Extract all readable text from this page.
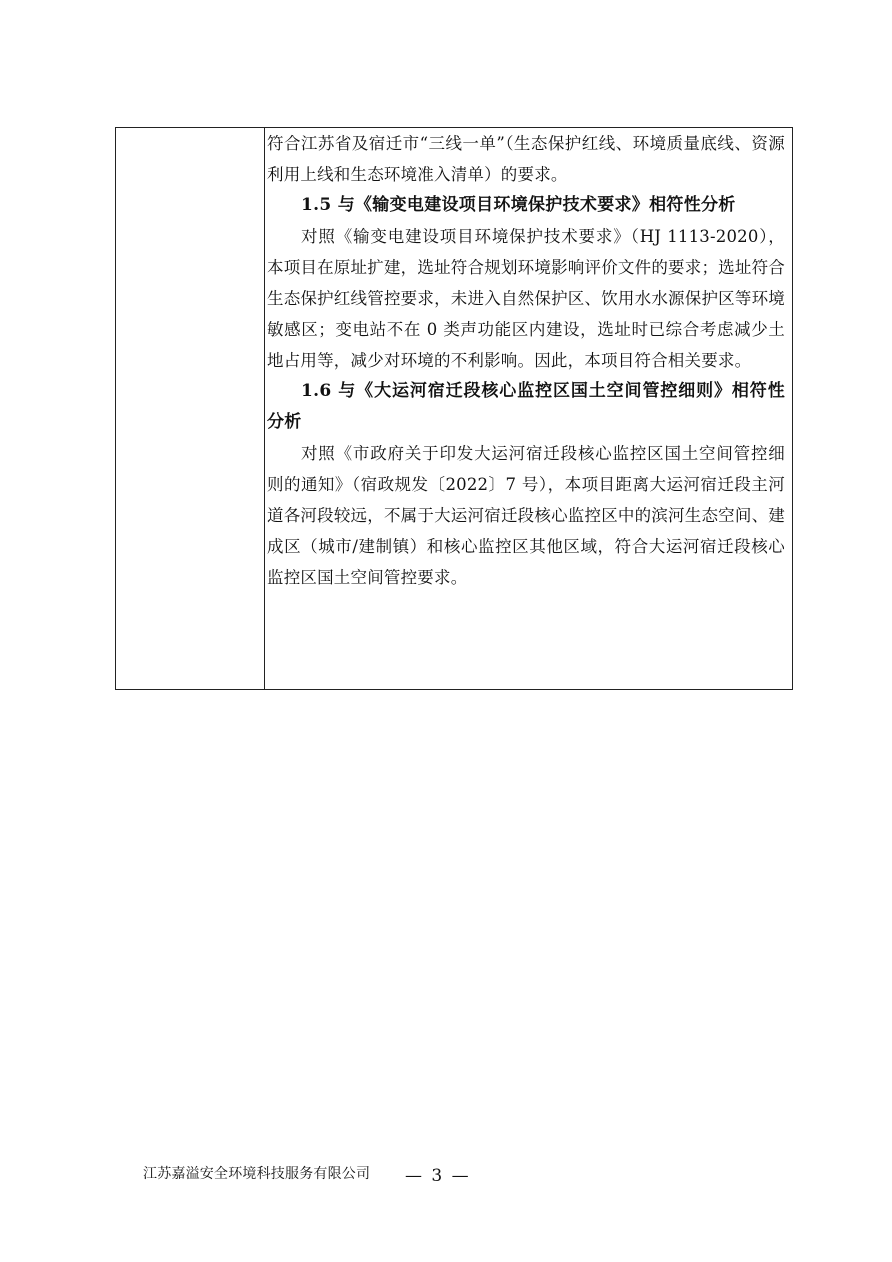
符合江苏省及宿迁市“三线一单”（生态保护红线、环境质量底线、资源利用上线和生态环境准入清单）的要求。

1.5 与《输变电建设项目环境保护技术要求》相符性分析

对照《输变电建设项目环境保护技术要求》（HJ 1113-2020），本项目在原址扩建，选址符合规划环境影响评价文件的要求；选址符合生态保护红线管控要求，未进入自然保护区、饮用水水源保护区等环境敏感区；变电站不在 0 类声功能区内建设，选址时已综合考虑减少土地占用等，减少对环境的不利影响。因此，本项目符合相关要求。

1.6 与《大运河宿迁段核心监控区国土空间管控细则》相符性分析

对照《市政府关于印发大运河宿迁段核心监控区国土空间管控细则的通知》（宿政规发〔2022〕7 号），本项目距离大运河宿迁段主河道各河段较远，不属于大运河宿迁段核心监控区中的滨河生态空间、建成区（城市/建制镇）和核心监控区其他区域，符合大运河宿迁段核心监控区国土空间管控要求。

江苏嘉溢安全环境科技服务有限公司 — 3 —
